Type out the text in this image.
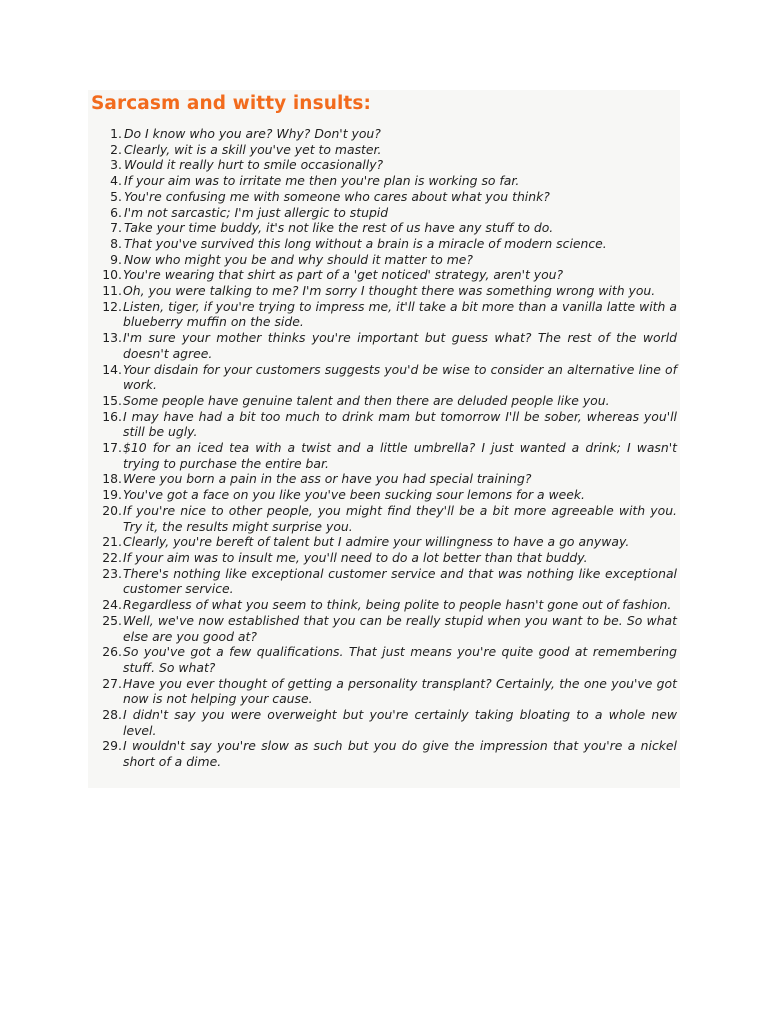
Sarcasm and witty insults:
1. Do I know who you are? Why? Don't you?
2. Clearly, wit is a skill you've yet to master.
3. Would it really hurt to smile occasionally?
4. If your aim was to irritate me then you're plan is working so far.
5. You're confusing me with someone who cares about what you think?
6. I'm not sarcastic; I'm just allergic to stupid
7. Take your time buddy, it's not like the rest of us have any stuff to do.
8. That you've survived this long without a brain is a miracle of modern science.
9. Now who might you be and why should it matter to me?
10. You're wearing that shirt as part of a 'get noticed' strategy, aren't you?
11. Oh, you were talking to me? I'm sorry I thought there was something wrong with you.
12. Listen, tiger, if you're trying to impress me, it'll take a bit more than a vanilla latte with a blueberry muffin on the side.
13. I'm sure your mother thinks you're important but guess what? The rest of the world doesn't agree.
14. Your disdain for your customers suggests you'd be wise to consider an alternative line of work.
15. Some people have genuine talent and then there are deluded people like you.
16. I may have had a bit too much to drink mam but tomorrow I'll be sober, whereas you'll still be ugly.
17. $10 for an iced tea with a twist and a little umbrella? I just wanted a drink; I wasn't trying to purchase the entire bar.
18. Were you born a pain in the ass or have you had special training?
19. You've got a face on you like you've been sucking sour lemons for a week.
20. If you're nice to other people, you might find they'll be a bit more agreeable with you. Try it, the results might surprise you.
21. Clearly, you're bereft of talent but I admire your willingness to have a go anyway.
22. If your aim was to insult me, you'll need to do a lot better than that buddy.
23. There's nothing like exceptional customer service and that was nothing like exceptional customer service.
24. Regardless of what you seem to think, being polite to people hasn't gone out of fashion.
25. Well, we've now established that you can be really stupid when you want to be. So what else are you good at?
26. So you've got a few qualifications. That just means you're quite good at remembering stuff. So what?
27. Have you ever thought of getting a personality transplant? Certainly, the one you've got now is not helping your cause.
28. I didn't say you were overweight but you're certainly taking bloating to a whole new level.
29. I wouldn't say you're slow as such but you do give the impression that you're a nickel short of a dime.
